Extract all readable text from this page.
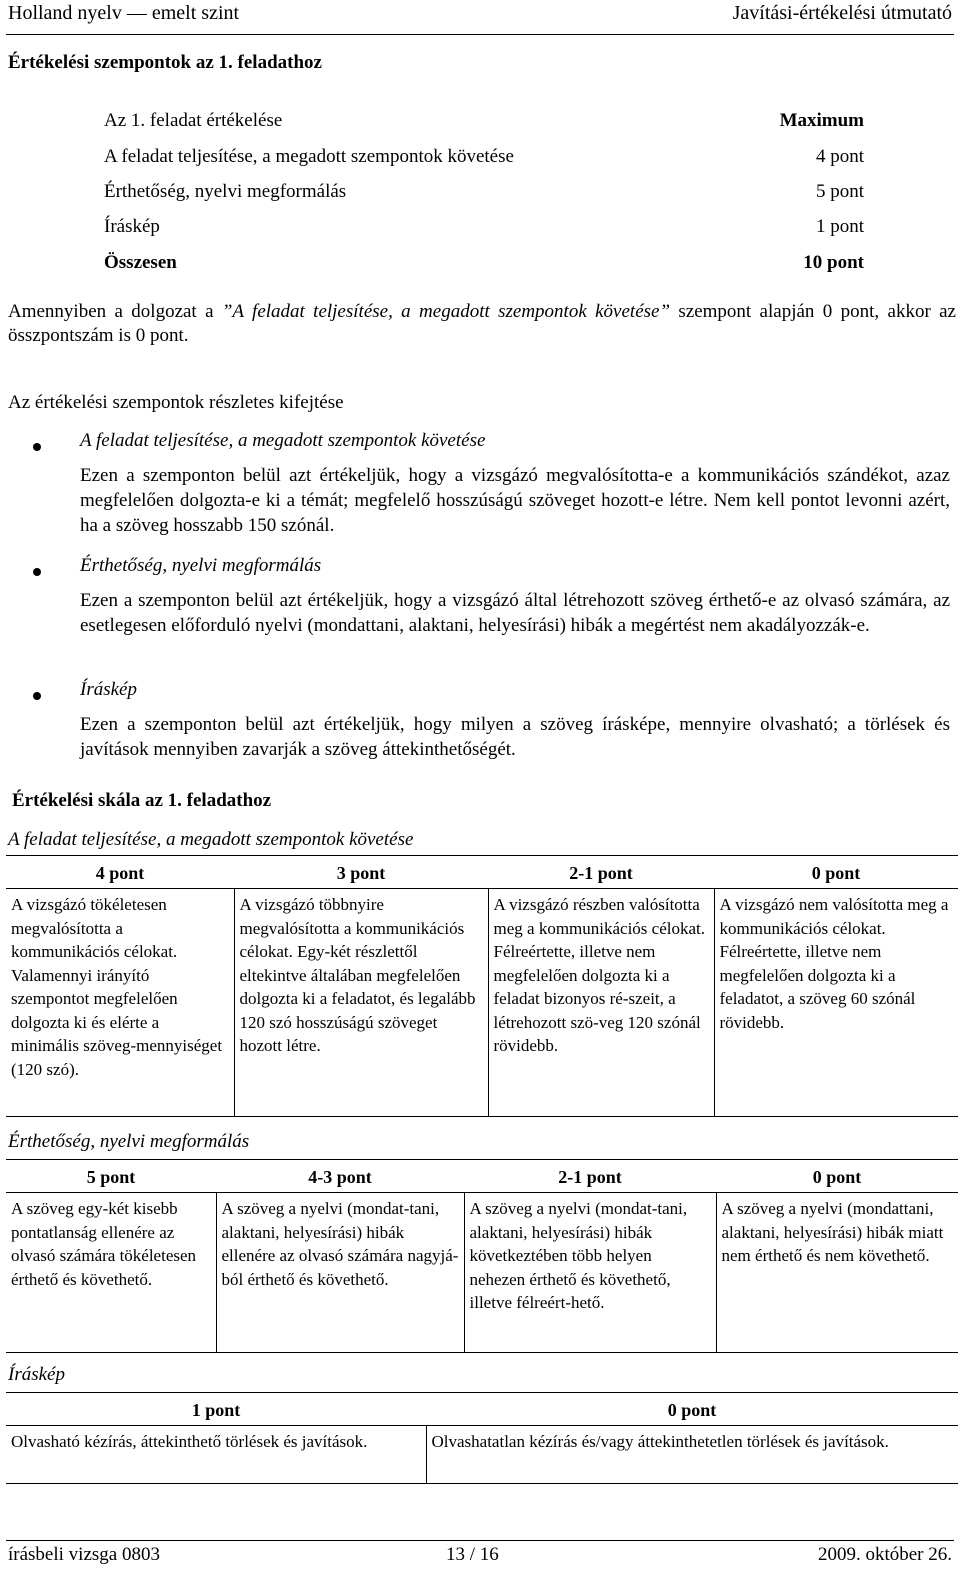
Holland nyelv — emelt szint	Javítási-értékelési útmutató
Értékelési szempontok az 1. feladathoz
Az 1. feladat értékelése	Maximum
A feladat teljesítése, a megadott szempontok követése	4 pont
Érthetőség, nyelvi megformálás	5 pont
Íráskép	1 pont
Összesen	10 pont
Amennyiben a dolgozat a ”A feladat teljesítése, a megadott szempontok követése” szempont alapján 0 pont, akkor az összpontszám is 0 pont.
Az értékelési szempontok részletes kifejtése
A feladat teljesítése, a megadott szempontok követése
Ezen a szemponton belül azt értékeljük, hogy a vizsgázó megvalósította-e a kommunikációs szándékot, azaz megfelelően dolgozta-e ki a témát; megfelelő hosszúságú szöveget hozott-e létre. Nem kell pontot levonni azért, ha a szöveg hosszabb 150 szónál.
Érthetőség, nyelvi megformálás
Ezen a szemponton belül azt értékeljük, hogy a vizsgázó által létrehozott szöveg érthető-e az olvasó számára, az esetlegesen előforduló nyelvi (mondattani, alaktani, helyesírási) hibák a megértést nem akadályozzák-e.
Íráskép
Ezen a szemponton belül azt értékeljük, hogy milyen a szöveg írásképe, mennyire olvasható; a törlések és javítások mennyiben zavarják a szöveg áttekinthetőségét.
Értékelési skála az 1. feladathoz
A feladat teljesítése, a megadott szempontok követése
4 pont	3 pont	2-1 pont	0 pont
A vizsgázó tökéletesen megvalósította a kommunikációs célokat. Valamennyi irányító szempontot megfelelően dolgozta ki és elérte a minimális szöveg-mennyiséget (120 szó).	A vizsgázó többnyire megvalósította a kommunikációs célokat. Egy-két részlettől eltekintve általában megfelelően dolgozta ki a feladatot, és legalább 120 szó hosszúságú szöveget hozott létre.	A vizsgázó részben valósította meg a kommunikációs célokat. Félreértette, illetve nem megfelelően dolgozta ki a feladat bizonyos ré-szeit, a létrehozott szö-veg 120 szónál rövidebb.	A vizsgázó nem valósította meg a kommunikációs célokat. Félreértette, illetve nem megfelelően dolgozta ki a feladatot, a szöveg 60 szónál rövidebb.
Érthetőség, nyelvi megformálás
5 pont	4-3 pont	2-1 pont	0 pont
A szöveg egy-két kisebb pontatlanság ellenére az olvasó számára tökéletesen érthető és követhető.	A szöveg a nyelvi (mondat-tani, alaktani, helyesírási) hibák ellenére az olvasó számára nagyjá-ból érthető és követhető.	A szöveg a nyelvi (mondat-tani, alaktani, helyesírási) hibák következtében több helyen nehezen érthető és követhető, illetve félreért-hető.	A szöveg a nyelvi (mondattani, alaktani, helyesírási) hibák miatt nem érthető és nem követhető.
Íráskép
1 pont	0 pont
Olvasható kézírás, áttekinthető törlések és javítások.	Olvashatatlan kézírás és/vagy áttekinthetetlen törlések és javítások.
írásbeli vizsga 0803	13 / 16	2009. október 26.
